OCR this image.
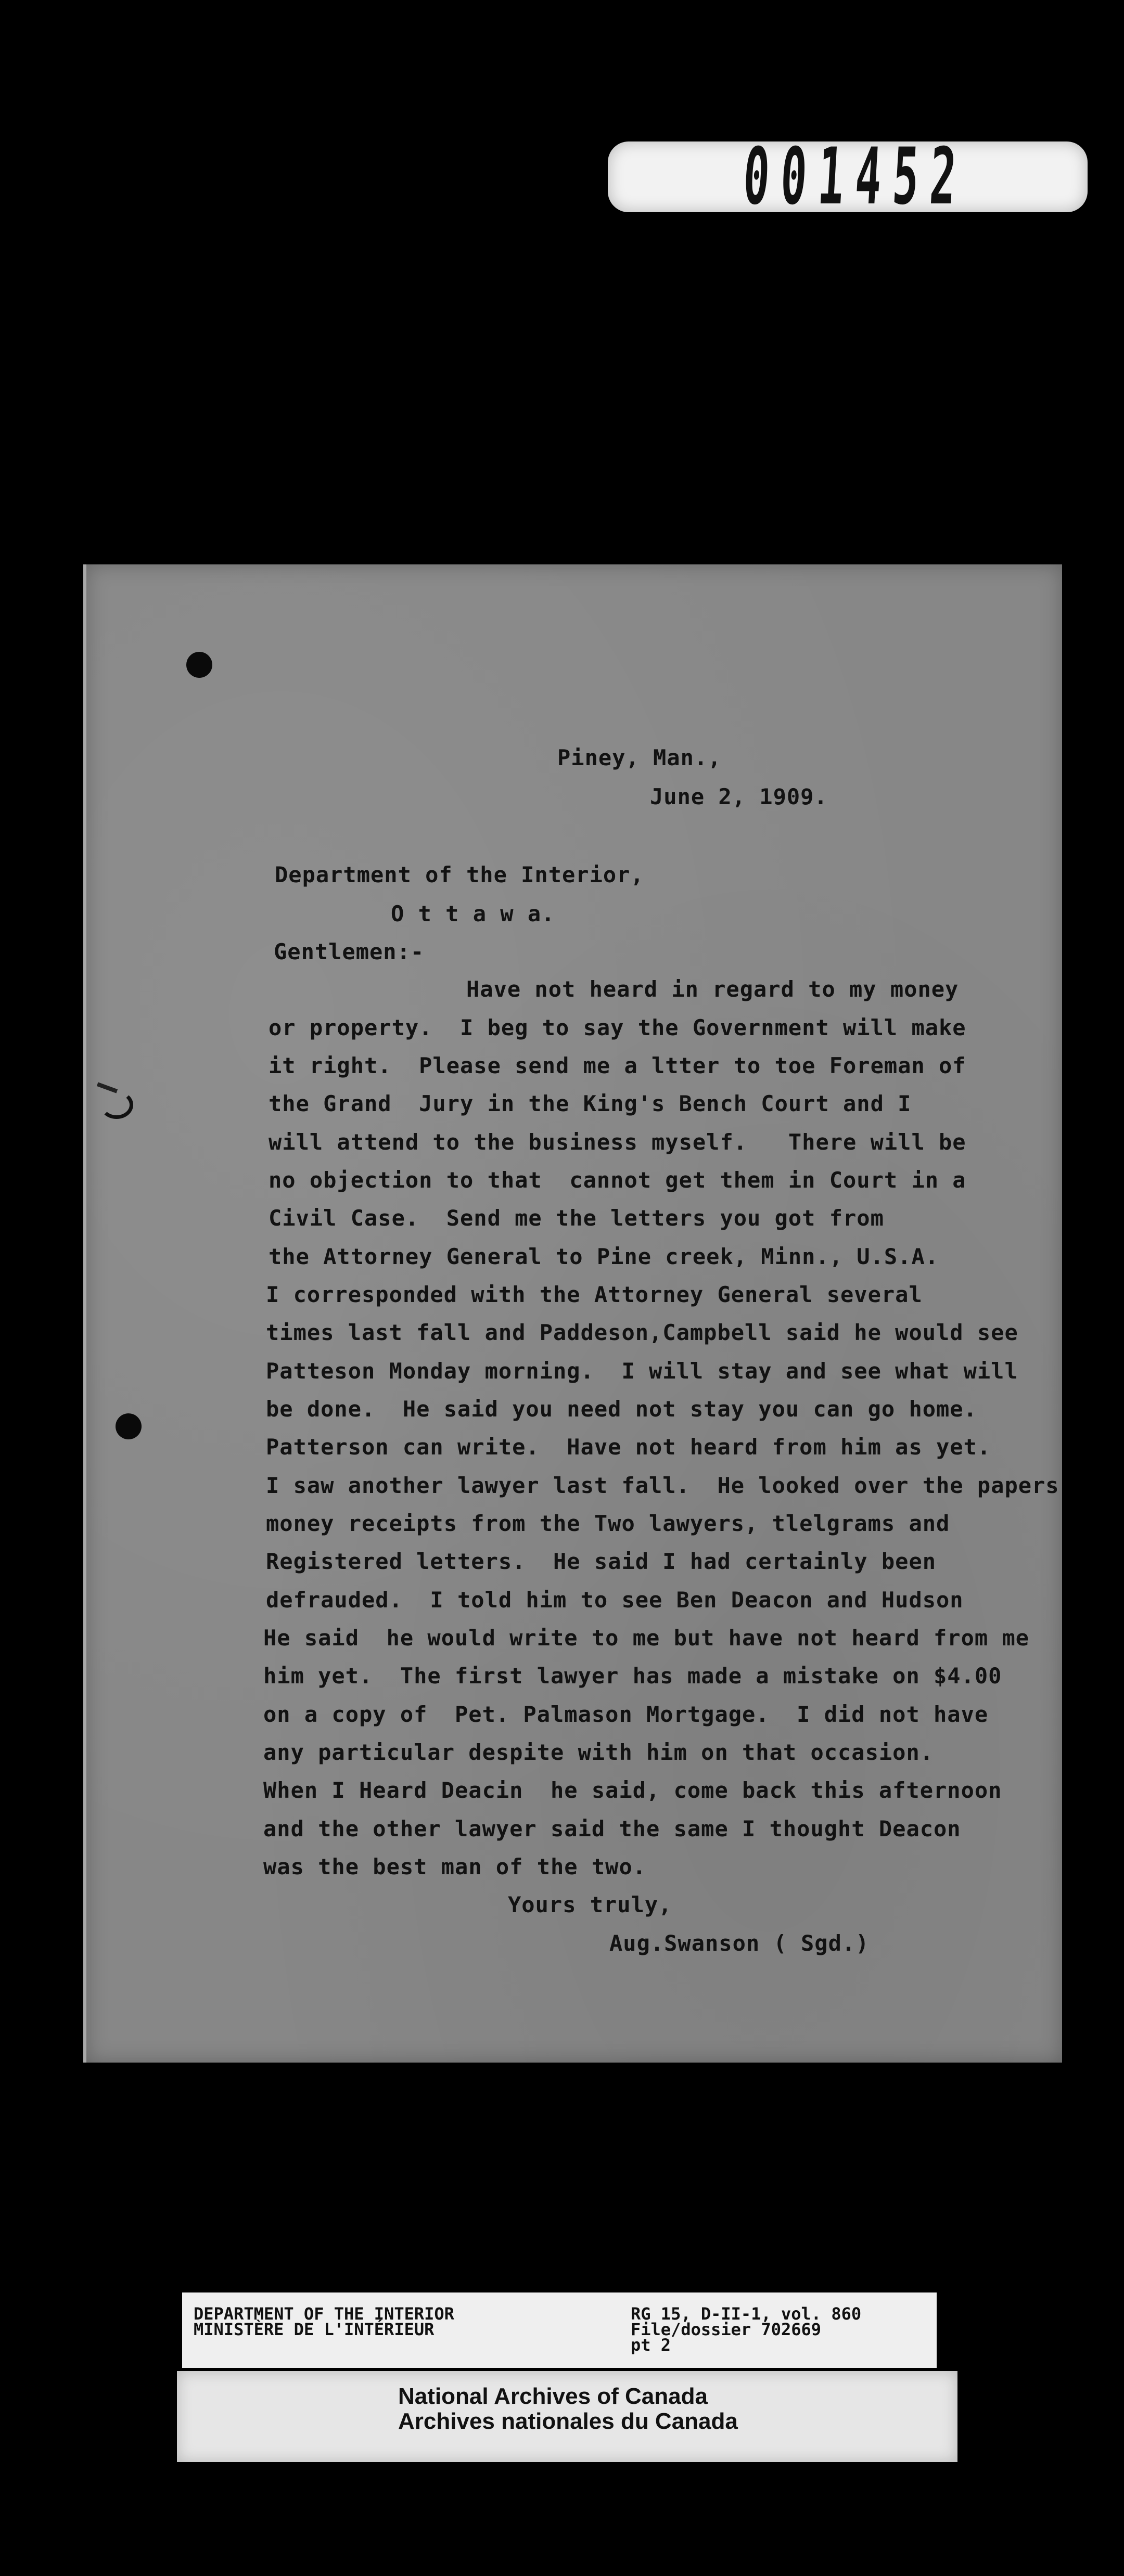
001452
Piney, Man.,
June 2, 1909.
Department of the Interior,
O t t a w a.
Gentlemen:-
Have not heard in regard to my money
or property.  I beg to say the Government will make
it right.  Please send me a ltter to toe Foreman of
the Grand  Jury in the King's Bench Court and I
will attend to the business myself.   There will be
no objection to that  cannot get them in Court in a
Civil Case.  Send me the letters you got from
the Attorney General to Pine creek, Minn., U.S.A.
I corresponded with the Attorney General several
times last fall and Paddeson,Campbell said he would see
Patteson Monday morning.  I will stay and see what will
be done.  He said you need not stay you can go home.
Patterson can write.  Have not heard from him as yet.
I saw another lawyer last fall.  He looked over the papers
money receipts from the Two lawyers, tlelgrams and
Registered letters.  He said I had certainly been
defrauded.  I told him to see Ben Deacon and Hudson
He said  he would write to me but have not heard from me
him yet.  The first lawyer has made a mistake on $4.00
on a copy of  Pet. Palmason Mortgage.  I did not have
any particular despite with him on that occasion.
When I Heard Deacin  he said, come back this afternoon
and the other lawyer said the same I thought Deacon
was the best man of the two.
Yours truly,
Aug.Swanson ( Sgd.)
DEPARTMENT OF THE INTERIOR
MINISTÈRE DE L'INTÉRIEUR
RG 15, D-II-1, vol. 860
File/dossier 702669
pt 2
National Archives of Canada
Archives nationales du Canada
